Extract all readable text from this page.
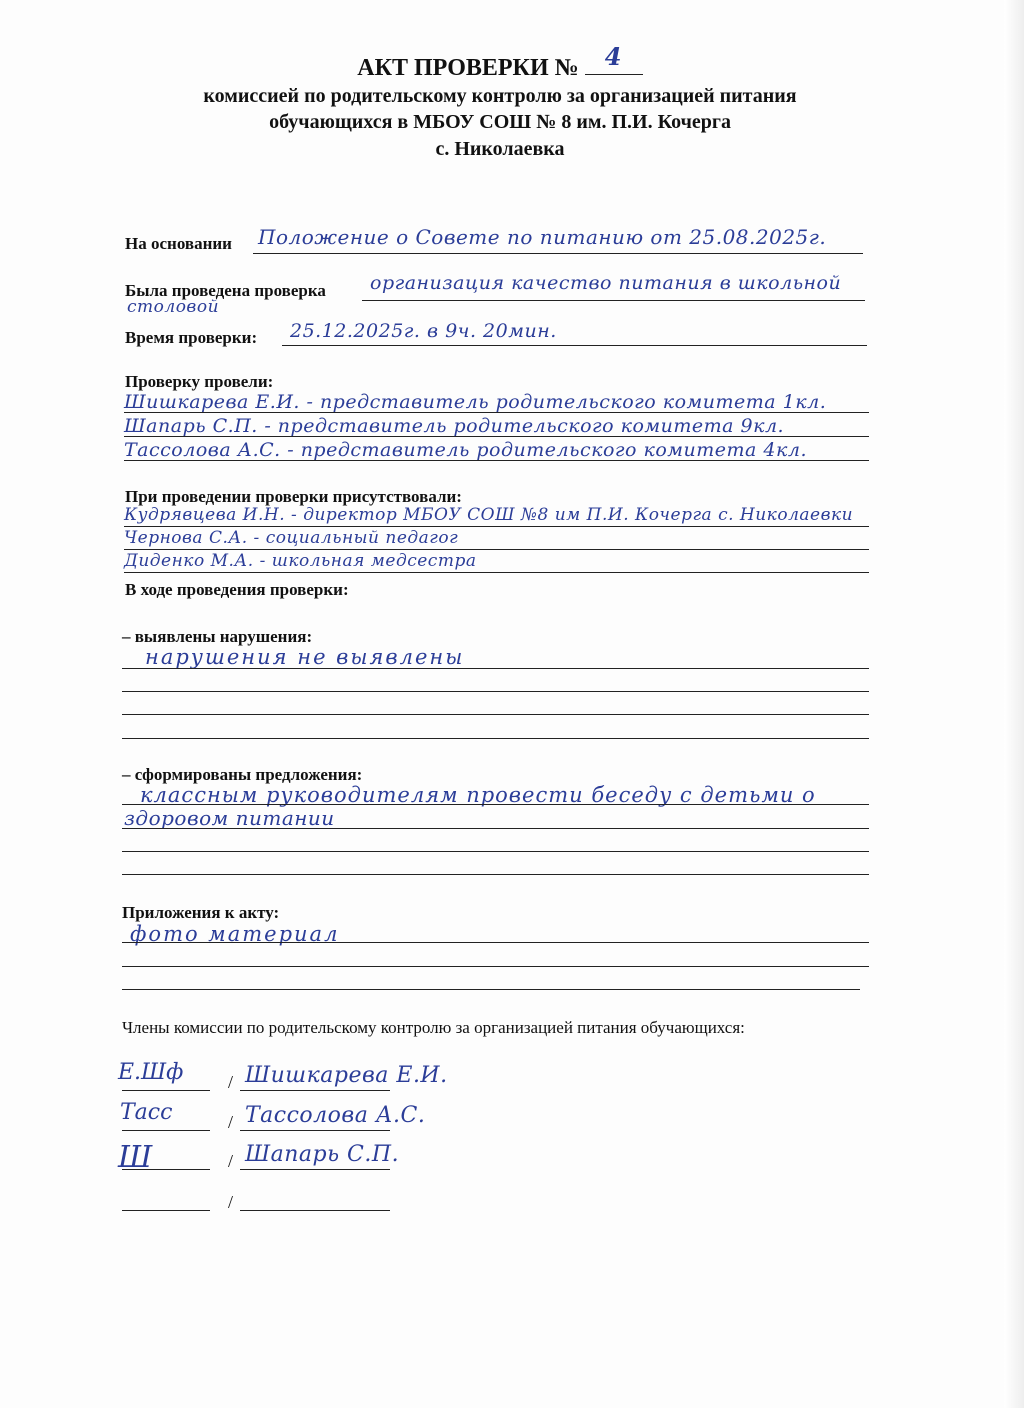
АКТ ПРОВЕРКИ № 4
комиссией по родительскому контролю за организацией питания
обучающихся в МБОУ СОШ № 8 им. П.И. Кочерга
с. Николаевка
На основании Положение о Совете по питанию от 25.08.2025г.
Была проведена проверка организация качество питания в школьной
столовой
Время проверки: 25.12.2025г. в 9ч. 20мин.
Проверку провели:
Шишкарева Е.И. - представитель родительского комитета 1кл.
Шапарь С.П. - представитель родительского комитета 9кл.
Тассолова А.С. - представитель родительского комитета 4кл.
При проведении проверки присутствовали:
Кудрявцева И.Н. - директор МБОУ СОШ №8 им П.И. Кочерга с. Николаевки
Чернова С.А. - социальный педагог
Диденко М.А. - школьная медсестра
В ходе проведения проверки:
– выявлены нарушения:
нарушения не выявлены
– сформированы предложения:
классным руководителям провести беседу с детьми о
здоровом питании
Приложения к акту:
фото материал
Члены комиссии по родительскому контролю за организацией питания обучающихся:
Е.Шф / Шишкарева Е.И.
Тасс	/ Тассолова А.С.
Ш	/ Шапарь С.П.
/
